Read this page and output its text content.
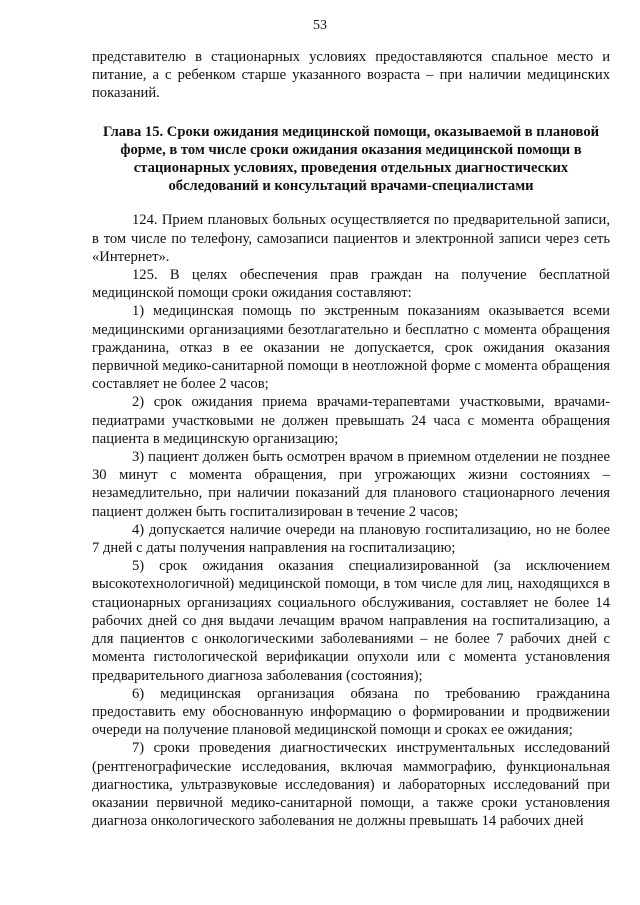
53

представителю в стационарных условиях предоставляются спальное место и питание, а с ребенком старше указанного возраста – при наличии медицинских показаний.

Глава 15. Сроки ожидания медицинской помощи, оказываемой в плановой форме, в том числе сроки ожидания оказания медицинской помощи в стационарных условиях, проведения отдельных диагностических обследований и консультаций врачами-специалистами

124. Прием плановых больных осуществляется по предварительной записи, в том числе по телефону, самозаписи пациентов и электронной записи через сеть «Интернет».

125. В целях обеспечения прав граждан на получение бесплатной медицинской помощи сроки ожидания составляют:

1) медицинская помощь по экстренным показаниям оказывается всеми медицинскими организациями безотлагательно и бесплатно с момента обращения гражданина, отказ в ее оказании не допускается, срок ожидания оказания первичной медико-санитарной помощи в неотложной форме с момента обращения составляет не более 2 часов;

2) срок ожидания приема врачами-терапевтами участковыми, врачами-педиатрами участковыми не должен превышать 24 часа с момента обращения пациента в медицинскую организацию;

3) пациент должен быть осмотрен врачом в приемном отделении не позднее 30 минут с момента обращения, при угрожающих жизни состояниях – незамедлительно, при наличии показаний для планового стационарного лечения пациент должен быть госпитализирован в течение 2 часов;

4) допускается наличие очереди на плановую госпитализацию, но не более 7 дней с даты получения направления на госпитализацию;

5) срок ожидания оказания специализированной (за исключением высокотехнологичной) медицинской помощи, в том числе для лиц, находящихся в стационарных организациях социального обслуживания, составляет не более 14 рабочих дней со дня выдачи лечащим врачом направления на госпитализацию, а для пациентов с онкологическими заболеваниями – не более 7 рабочих дней с момента гистологической верификации опухоли или с момента установления предварительного диагноза заболевания (состояния);

6) медицинская организация обязана по требованию гражданина предоставить ему обоснованную информацию о формировании и продвижении очереди на получение плановой медицинской помощи и сроках ее ожидания;

7) сроки проведения диагностических инструментальных исследований (рентгенографические исследования, включая маммографию, функциональная диагностика, ультразвуковые исследования) и лабораторных исследований при оказании первичной медико-санитарной помощи, а также сроки установления диагноза онкологического заболевания не должны превышать 14 рабочих дней
